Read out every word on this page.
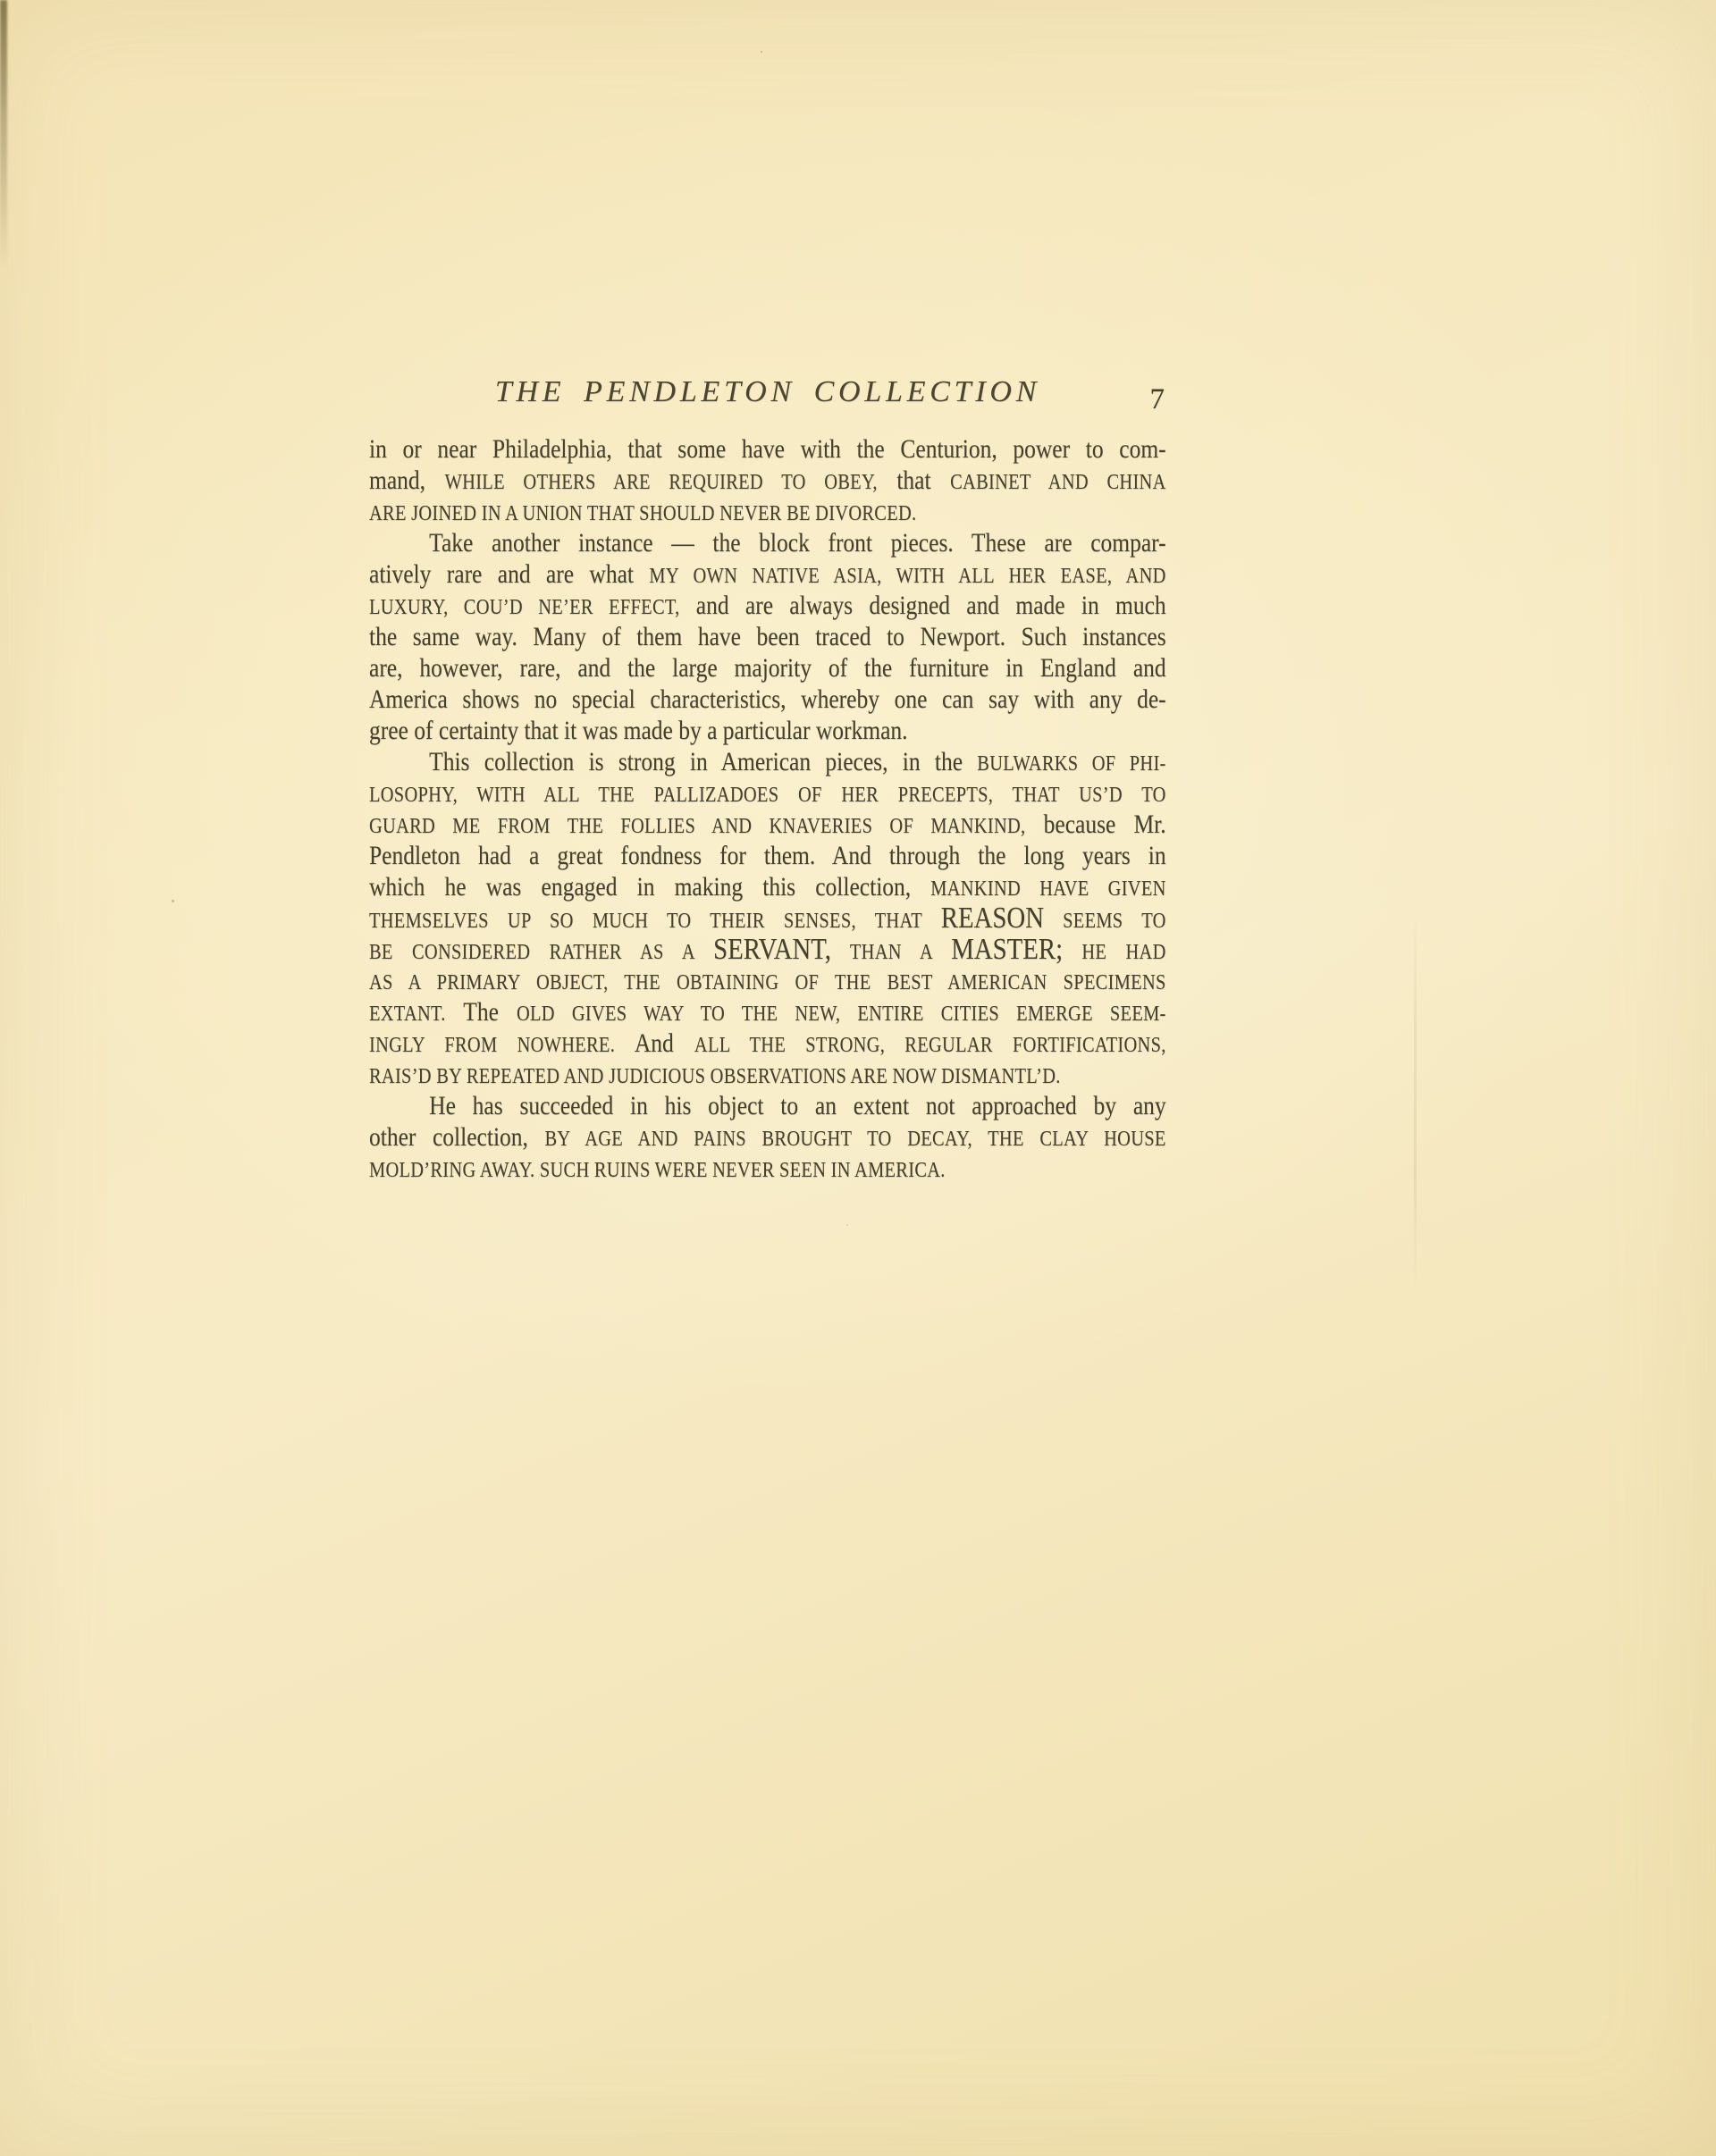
THE PENDLETON COLLECTION	7
in or near Philadelphia, that some have with the Centurion, power to com-
mand, WHILE OTHERS ARE REQUIRED TO OBEY, that CABINET AND CHINA
ARE JOINED IN A UNION THAT SHOULD NEVER BE DIVORCED.
Take another instance — the block front pieces. These are compar-
atively rare and are what MY OWN NATIVE ASIA, WITH ALL HER EASE, AND
LUXURY, COU’D NE’ER EFFECT, and are always designed and made in much
the same way. Many of them have been traced to Newport. Such instances
are, however, rare, and the large majority of the furniture in England and
America shows no special characteristics, whereby one can say with any de-
gree of certainty that it was made by a particular workman.
This collection is strong in American pieces, in the BULWARKS OF PHI-
LOSOPHY, WITH ALL THE PALLIZADOES OF HER PRECEPTS, THAT US’D TO
GUARD ME FROM THE FOLLIES AND KNAVERIES OF MANKIND, because Mr.
Pendleton had a great fondness for them. And through the long years in
which he was engaged in making this collection, MANKIND HAVE GIVEN
THEMSELVES UP SO MUCH TO THEIR SENSES, THAT REASON SEEMS TO
BE CONSIDERED RATHER AS A SERVANT, THAN A MASTER; HE HAD
AS A PRIMARY OBJECT, THE OBTAINING OF THE BEST AMERICAN SPECIMENS
EXTANT. The OLD GIVES WAY TO THE NEW, ENTIRE CITIES EMERGE SEEM-
INGLY FROM NOWHERE. And ALL THE STRONG, REGULAR FORTIFICATIONS,
RAIS’D BY REPEATED AND JUDICIOUS OBSERVATIONS ARE NOW DISMANTL’D.
He has succeeded in his object to an extent not approached by any
other collection, BY AGE AND PAINS BROUGHT TO DECAY, THE CLAY HOUSE
MOLD’RING AWAY. SUCH RUINS WERE NEVER SEEN IN AMERICA.
